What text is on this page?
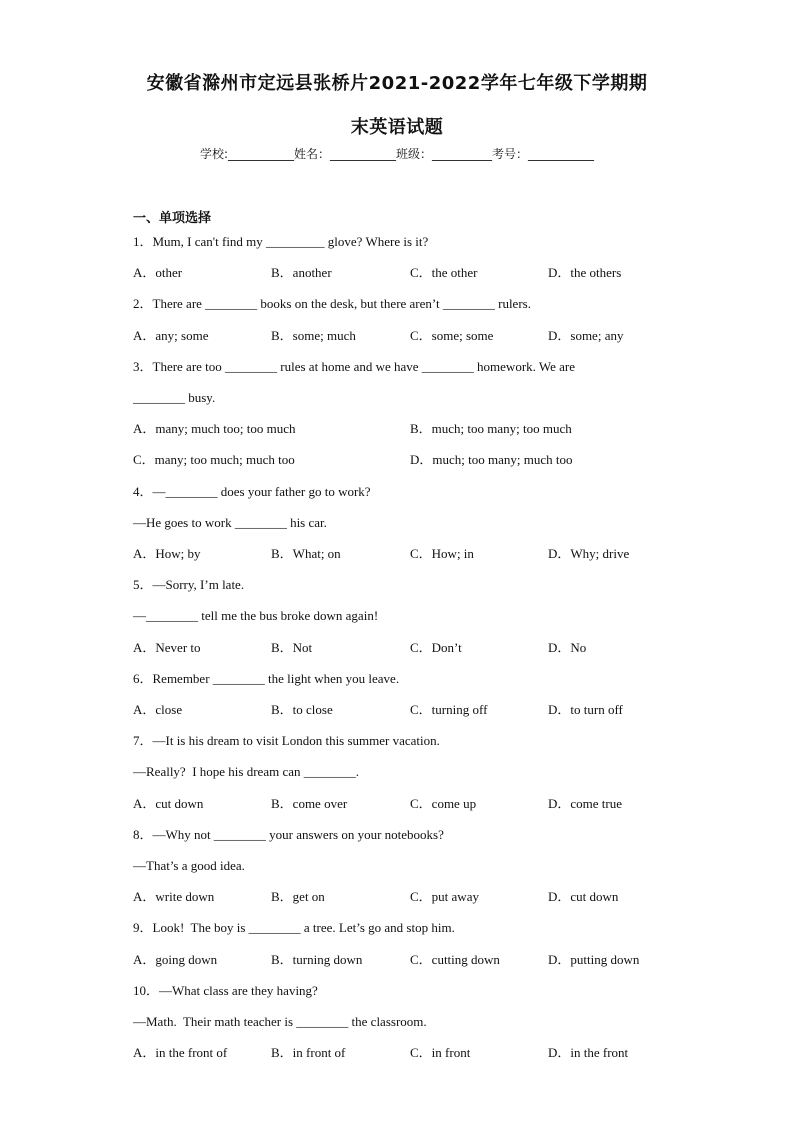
安徽省滁州市定远县张桥片2021-2022学年七年级下学期期
末英语试题
学校:___________姓名：___________班级：__________考号：___________
一、单项选择
1．Mum, I can't find my _________ glove? Where is it?
A．other	B．another	C．the other	D．the others
2．There are ________ books on the desk, but there aren’t ________ rulers.
A．any; some	B．some; much	C．some; some	D．some; any
3．There are too ________ rules at home and we have ________ homework. We are
________ busy.
A．many; much too; too much	B．much; too many; too much
C．many; too much; much too	D．much; too many; much too
4．—________ does your father go to work?
—He goes to work ________ his car.
A．How; by	B．What; on	C．How; in	D．Why; drive
5．—Sorry, I’m late.
—________ tell me the bus broke down again!
A．Never to	B．Not	C．Don’t	D．No
6．Remember ________ the light when you leave.
A．close	B．to close	C．turning off	D．to turn off
7．—It is his dream to visit London this summer vacation.
—Really?  I hope his dream can ________.
A．cut down	B．come over	C．come up	D．come true
8．—Why not ________ your answers on your notebooks?
—That’s a good idea.
A．write down	B．get on	C．put away	D．cut down
9．Look!  The boy is ________ a tree. Let’s go and stop him.
A．going down	B．turning down	C．cutting down	D．putting down
10．—What class are they having?
—Math.  Their math teacher is ________ the classroom.
A．in the front of	B．in front of	C．in front	D．in the front
